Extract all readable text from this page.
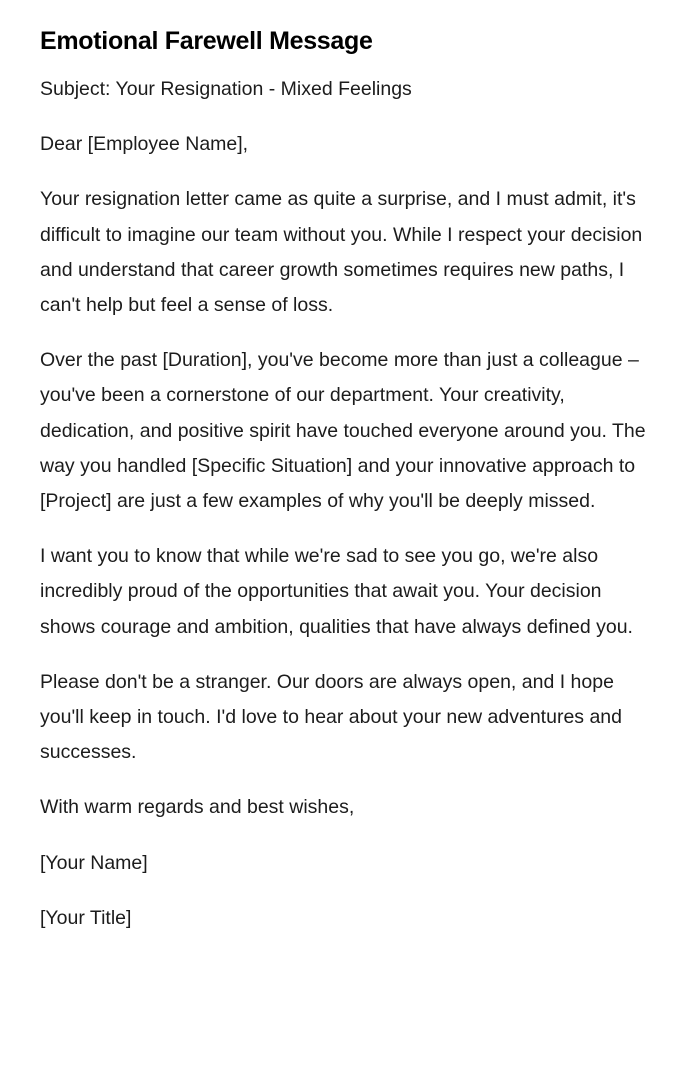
Emotional Farewell Message

Subject: Your Resignation - Mixed Feelings

Dear [Employee Name],

Your resignation letter came as quite a surprise, and I must admit, it's difficult to imagine our team without you. While I respect your decision and understand that career growth sometimes requires new paths, I can't help but feel a sense of loss.

Over the past [Duration], you've become more than just a colleague – you've been a cornerstone of our department. Your creativity, dedication, and positive spirit have touched everyone around you. The way you handled [Specific Situation] and your innovative approach to [Project] are just a few examples of why you'll be deeply missed.

I want you to know that while we're sad to see you go, we're also incredibly proud of the opportunities that await you. Your decision shows courage and ambition, qualities that have always defined you.

Please don't be a stranger. Our doors are always open, and I hope you'll keep in touch. I'd love to hear about your new adventures and successes.

With warm regards and best wishes,

[Your Name]

[Your Title]
